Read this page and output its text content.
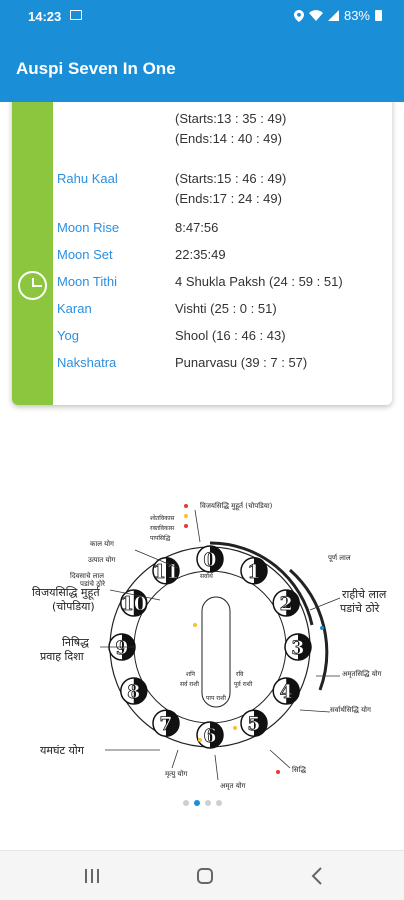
14:23	83%
Auspi Seven In One
(Starts:13 : 35 : 49)
(Ends:14 : 40 : 49)
Rahu Kaal	(Starts:15 : 46 : 49)
(Ends:17 : 24 : 49)
Moon Rise	8:47:56
Moon Set	22:35:49
Moon Tithi	4 Shukla Paksh (24 : 59 : 51)
Karan	Vishti (25 : 0 : 51)
Yog	Shool (16 : 46 : 43)
Nakshatra	Punarvasu (39 : 7 : 57)
0
1
2
3
4
5
6
7
8
9
10
11
विजयसिद्धि मुहूर्त
(चोपडिया)
निषिद्ध
प्रवाह दिशा
यमघंट योग
राहीचे लाल
पडांचे ठोरे
विजयसिद्धि मुहूर्त (चोपडिया)
पूर्ण लाल
अमृतसिद्धि योग
सर्वार्थसिद्धि योग
सिद्धि
अमृत योग
मृत्यु योग
काल योग
उत्पात योग
दिवसाचे लाल
पडांचे ठोरे
श्वेतविकास
रक्तविकास
पापसिद्धि
सर्वार्थ
शनि	रवि
सर्व राशी	पूर्व राशी
पाप राशी
